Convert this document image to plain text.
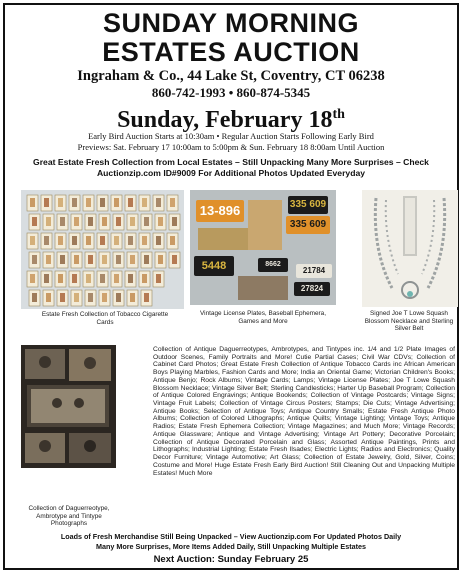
SUNDAY MORNING
ESTATES AUCTION
Ingraham & Co., 44 Lake St, Coventry, CT 06238
860-742-1993 • 860-874-5345
Sunday, February 18th
Early Bird Auction Starts at 10:30am • Regular Auction Starts Following Early Bird
Previews: Sat. February 17 10:00am to 5:00pm & Sun. February 18 8:00am Until Auction
Great Estate Fresh Collection from Local Estates – Still Unpacking Many More Surprises – Check Auctionzip.com ID#9009 For Additional Photos Updated Everyday
Estate Fresh Collection of Tobacco Cigarette Cards
13-896	335 609
335 609
5448	8662
21784
27824
Vintage License Plates, Baseball Ephemera, Games and More
Signed Joe T Lowe Squash Blossom Necklace and Sterling Silver Belt
Collection of Daguerreotype, Ambrotype and Tintype Photographs
Collection of Antique Daguerreotypes, Ambrotypes, and Tintypes inc. 1/4 and 1/2 Plate Images of Outdoor Scenes, Family Portraits and More! Cutie Partial Cases; Civil War CDVs; Collection of Cabinet Card Photos; Great Estate Fresh Collection of Antique Tobacco Cards inc African American Boys Playing Marbles, Fashion Cards and More; India an Oriental Game; Victorian Children's Books; Antique Benjo; Rock Albums; Vintage Cards; Lamps; Vintage License Plates; Joe T Lowe Squash Blossom Necklace; Vintage Silver Belt; Sterling Candlesticks; Harter Up Baseball Program; Collection of Antique Colored Engravings; Antique Bookends; Collection of Vintage Postcards; Vintage Signs; Vintage Fruit Labels; Collection of Vintage Circus Posters; Stamps; Die Cuts; Vintage Advertising; Antique Books; Selection of Antique Toys; Antique Country Smalls; Estate Fresh Antique Photo Albums; Collection of Colored Lithographs; Antique Quilts; Vintage Lighting; Vintage Toys; Antique Radios; Estate Fresh Ephemera Collection; Vintage Magazines; and Much More; Vintage Records; Antique Glassware; Antique and Vintage Advertising; Vintage Art Pottery; Decorative Porcelain; Collection of Antique Decorated Porcelain and Glass; Assorted Antique Paintings, Prints and Lithographs; Industrial Lighting; Estate Fresh Ilsades; Electric Lights; Radios and Electronics; Quality Decor Furniture; Vintage Automotive; Art Glass; Collection of Estate Jewelry, Gold, Silver, Coins; Costume and More! Huge Estate Fresh Early Bird Auction! Still Cleaning Out and Unpacking Multiple Estates! Much More
Loads of Fresh Merchandise Still Being Unpacked – View Auctionzip.com For Updated Photos Daily
Many More Surprises, More Items Added Daily, Still Unpacking Multiple Estates
Next Auction: Sunday February 25
